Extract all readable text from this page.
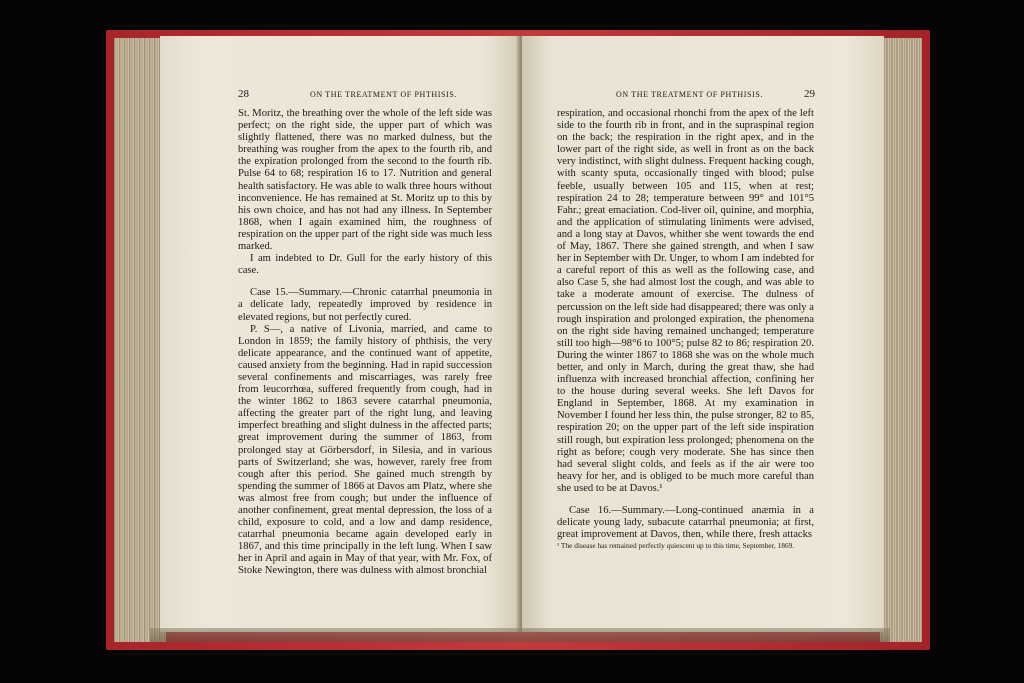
28	ON THE TREATMENT OF PHTHISIS.

St. Moritz, the breathing over the whole of the left side was perfect; on the right side, the upper part of which was slightly flattened, there was no marked dulness, but the breathing was rougher from the apex to the fourth rib, and the expiration prolonged from the second to the fourth rib. Pulse 64 to 68; respiration 16 to 17. Nutrition and general health satisfactory. He was able to walk three hours without inconvenience. He has remained at St. Moritz up to this by his own choice, and has not had any illness. In September 1868, when I again examined him, the roughness of respiration on the upper part of the right side was much less marked.

I am indebted to Dr. Gull for the early history of this case.

Case 15.—Summary.—Chronic catarrhal pneumonia in a delicate lady, repeatedly improved by residence in elevated regions, but not perfectly cured.

P. S—, a native of Livonia, married, and came to London in 1859; the family history of phthisis, the very delicate appearance, and the continued want of appetite, caused anxiety from the beginning. Had in rapid succession several confinements and miscarriages, was rarely free from leucorrhœa, suffered frequently from cough, had in the winter 1862 to 1863 severe catarrhal pneumonia, affecting the greater part of the right lung, and leaving imperfect breathing and slight dulness in the affected parts; great improvement during the summer of 1863, from prolonged stay at Görbersdorf, in Silesia, and in various parts of Switzerland; she was, however, rarely free from cough after this period. She gained much strength by spending the summer of 1866 at Davos am Platz, where she was almost free from cough; but under the influence of another confinement, great mental depression, the loss of a child, exposure to cold, and a low and damp residence, catarrhal pneumonia became again developed early in 1867, and this time principally in the left lung. When I saw her in April and again in May of that year, with Mr. Fox, of Stoke Newington, there was dulness with almost bronchial

ON THE TREATMENT OF PHTHISIS.	29

respiration, and occasional rhonchi from the apex of the left side to the fourth rib in front, and in the supraspinal region on the back; the respiration in the right apex, and in the lower part of the right side, as well in front as on the back very indistinct, with slight dulness. Frequent hacking cough, with scanty sputa, occasionally tinged with blood; pulse feeble, usually between 105 and 115, when at rest; respiration 24 to 28; temperature between 99° and 101°5 Fahr.; great emaciation. Cod-liver oil, quinine, and morphia, and the application of stimulating liniments were advised, and a long stay at Davos, whither she went towards the end of May, 1867. There she gained strength, and when I saw her in September with Dr. Unger, to whom I am indebted for a careful report of this as well as the following case, and also Case 5, she had almost lost the cough, and was able to take a moderate amount of exercise. The dulness of percussion on the left side had disappeared; there was only a rough inspiration and prolonged expiration, the phenomena on the right side having remained unchanged; temperature still too high—98°6 to 100°5; pulse 82 to 86; respiration 20. During the winter 1867 to 1868 she was on the whole much better, and only in March, during the great thaw, she had influenza with increased bronchial affection, confining her to the house during several weeks. She left Davos for England in September, 1868. At my examination in November I found her less thin, the pulse stronger, 82 to 85, respiration 20; on the upper part of the left side inspiration still rough, but expiration less prolonged; phenomena on the right as before; cough very moderate. She has since then had several slight colds, and feels as if the air were too heavy for her, and is obliged to be much more careful than she used to be at Davos.¹

Case 16.—Summary.—Long-continued anæmia in a delicate young lady, subacute catarrhal pneumonia; at first, great improvement at Davos, then, while there, fresh attacks

¹ The disease has remained perfectly quiescent up to this time, September, 1869.
